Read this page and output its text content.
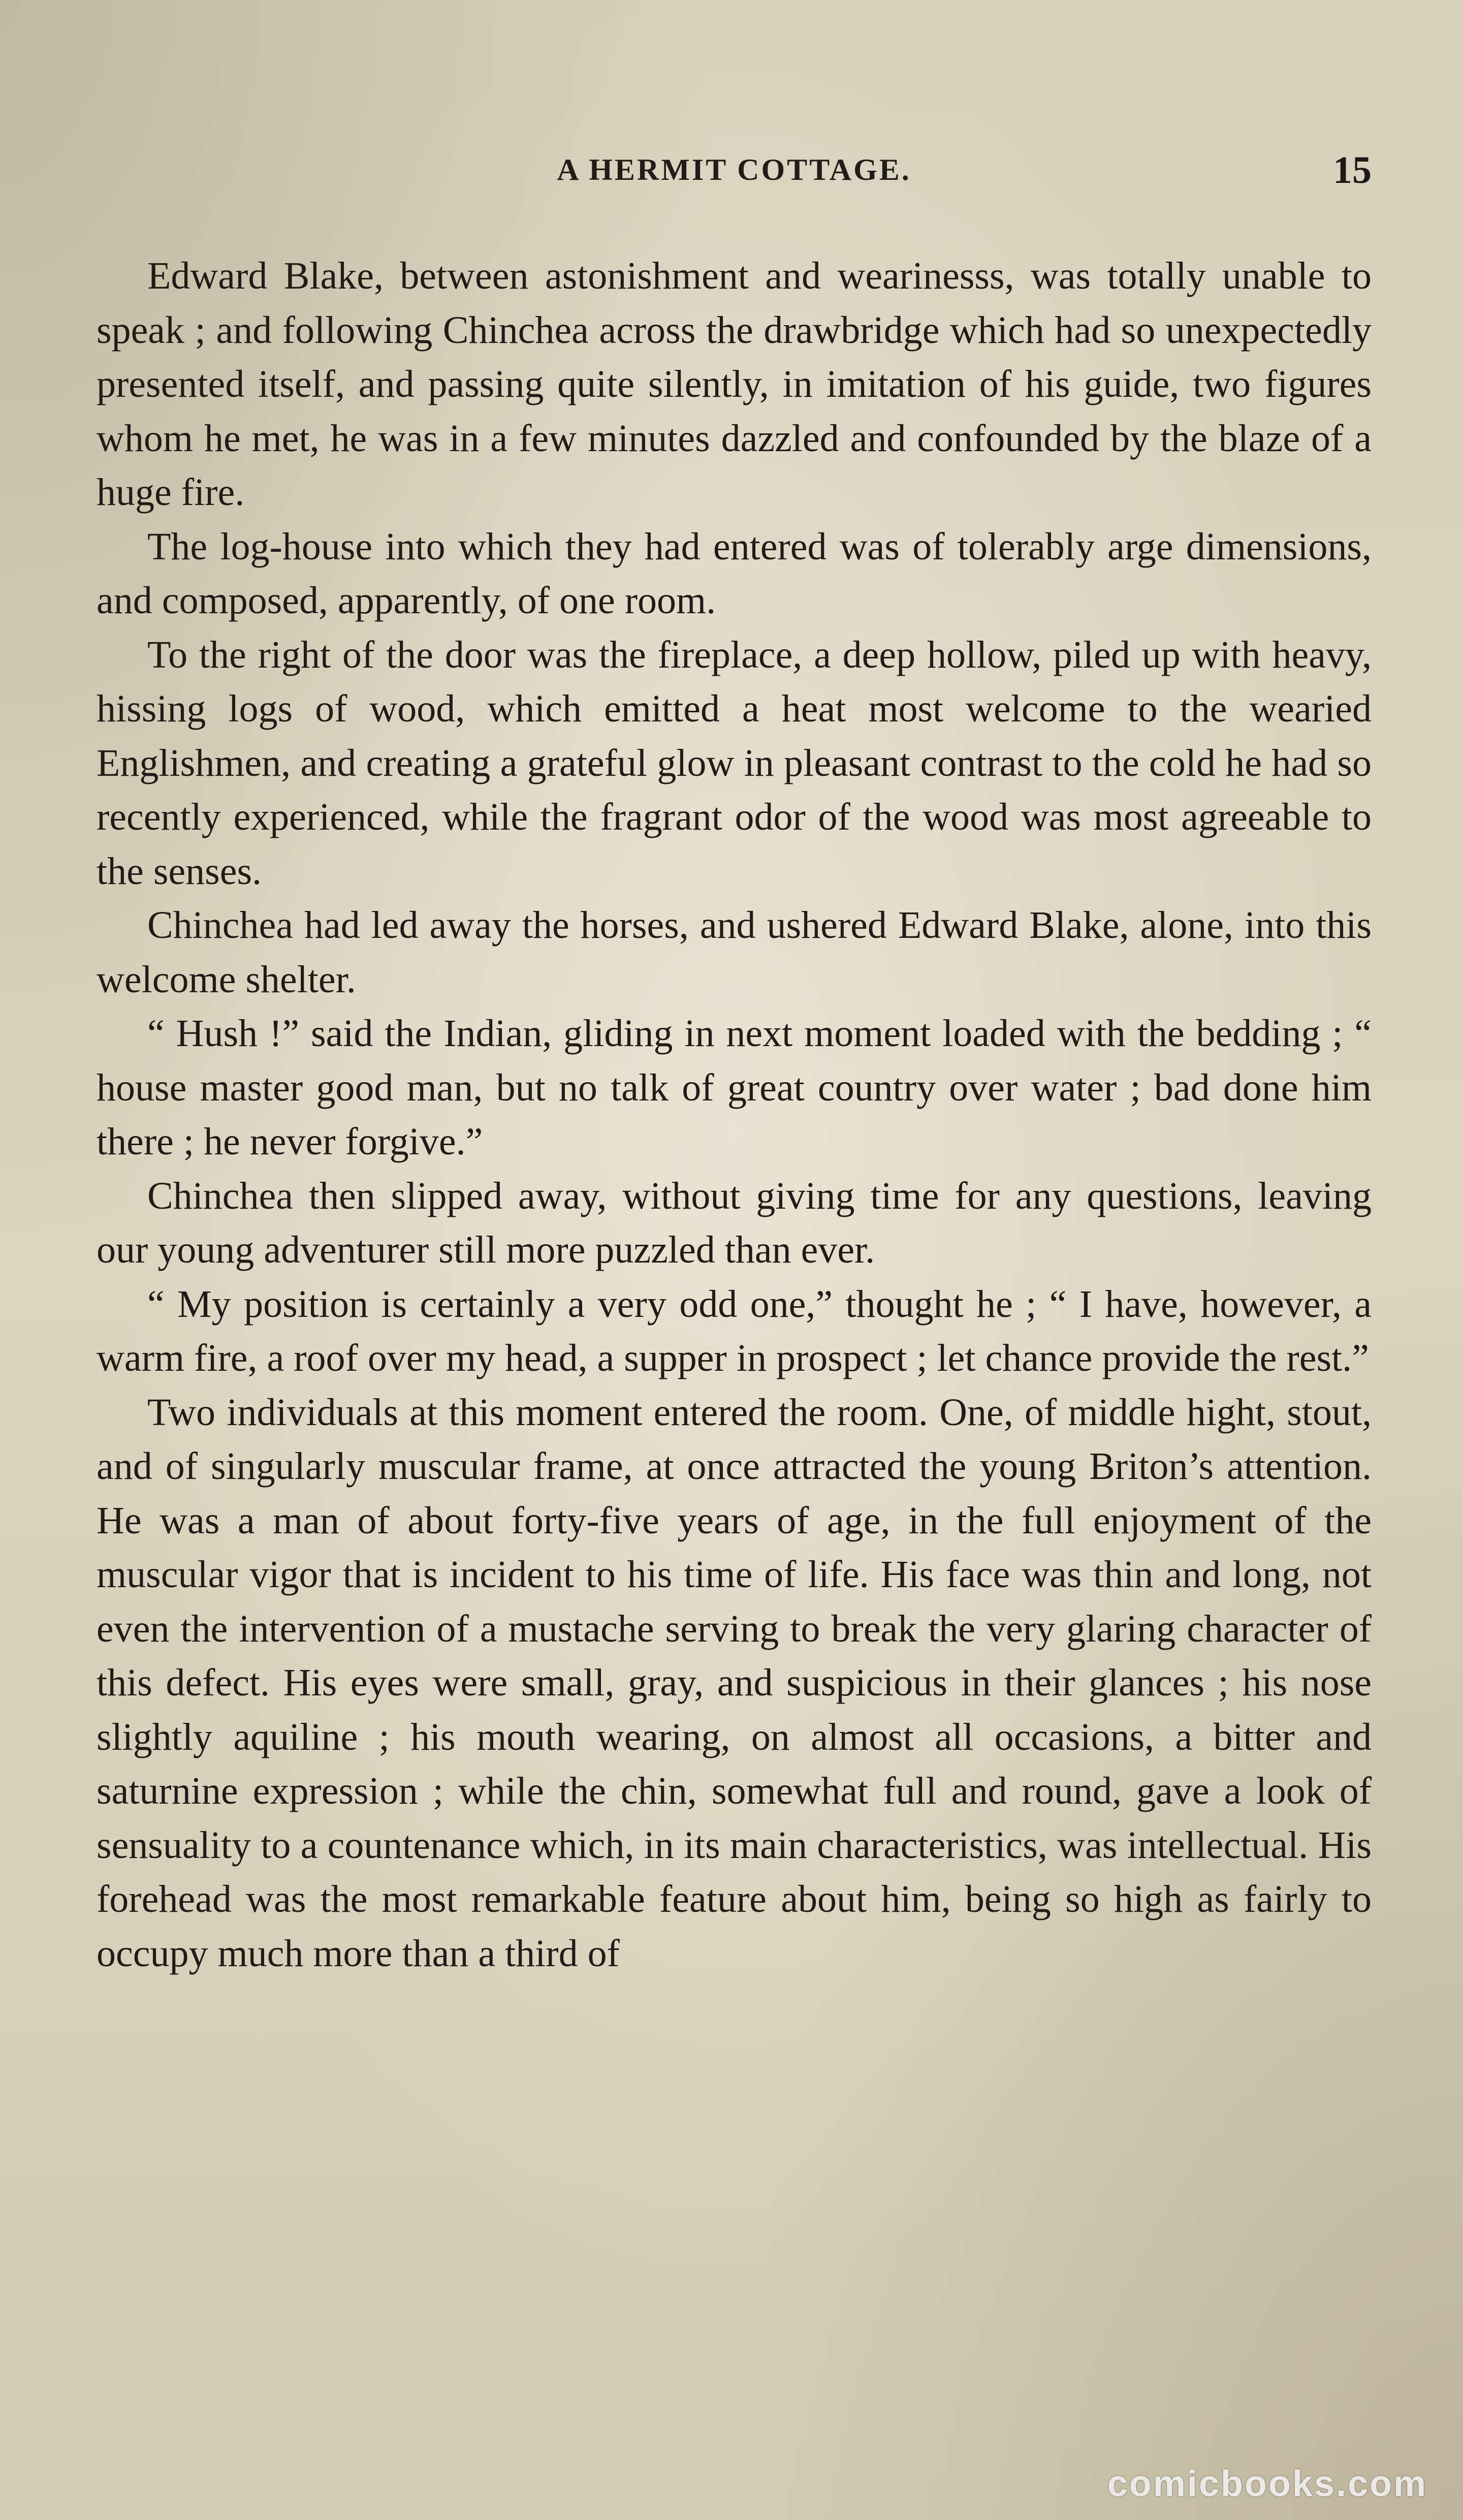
A HERMIT COTTAGE.	15

Edward Blake, between astonishment and wearinesss, was totally unable to speak ; and following Chinchea across the drawbridge which had so unexpectedly presented itself, and passing quite silently, in imitation of his guide, two figures whom he met, he was in a few minutes dazzled and confounded by the blaze of a huge fire.

The log-house into which they had entered was of tolerably arge dimensions, and composed, apparently, of one room.

To the right of the door was the fireplace, a deep hollow, piled up with heavy, hissing logs of wood, which emitted a heat most welcome to the wearied Englishmen, and creating a grateful glow in pleasant contrast to the cold he had so recently experienced, while the fragrant odor of the wood was most agreeable to the senses.

Chinchea had led away the horses, and ushered Edward Blake, alone, into this welcome shelter.

“ Hush !” said the Indian, gliding in next moment loaded with the bedding ; “ house master good man, but no talk of great country over water ; bad done him there ; he never forgive.”

Chinchea then slipped away, without giving time for any questions, leaving our young adventurer still more puzzled than ever.

“ My position is certainly a very odd one,” thought he ; “ I have, however, a warm fire, a roof over my head, a supper in prospect ; let chance provide the rest.”

Two individuals at this moment entered the room. One, of middle hight, stout, and of singularly muscular frame, at once attracted the young Briton’s attention. He was a man of about forty-five years of age, in the full enjoyment of the muscular vigor that is incident to his time of life. His face was thin and long, not even the intervention of a mustache serving to break the very glaring character of this defect. His eyes were small, gray, and suspicious in their glances ; his nose slightly aquiline ; his mouth wearing, on almost all occasions, a bitter and saturnine expression ; while the chin, somewhat full and round, gave a look of sensuality to a countenance which, in its main characteristics, was intellectual. His forehead was the most remarkable feature about him, being so high as fairly to occupy much more than a third of

comicbooks.com
